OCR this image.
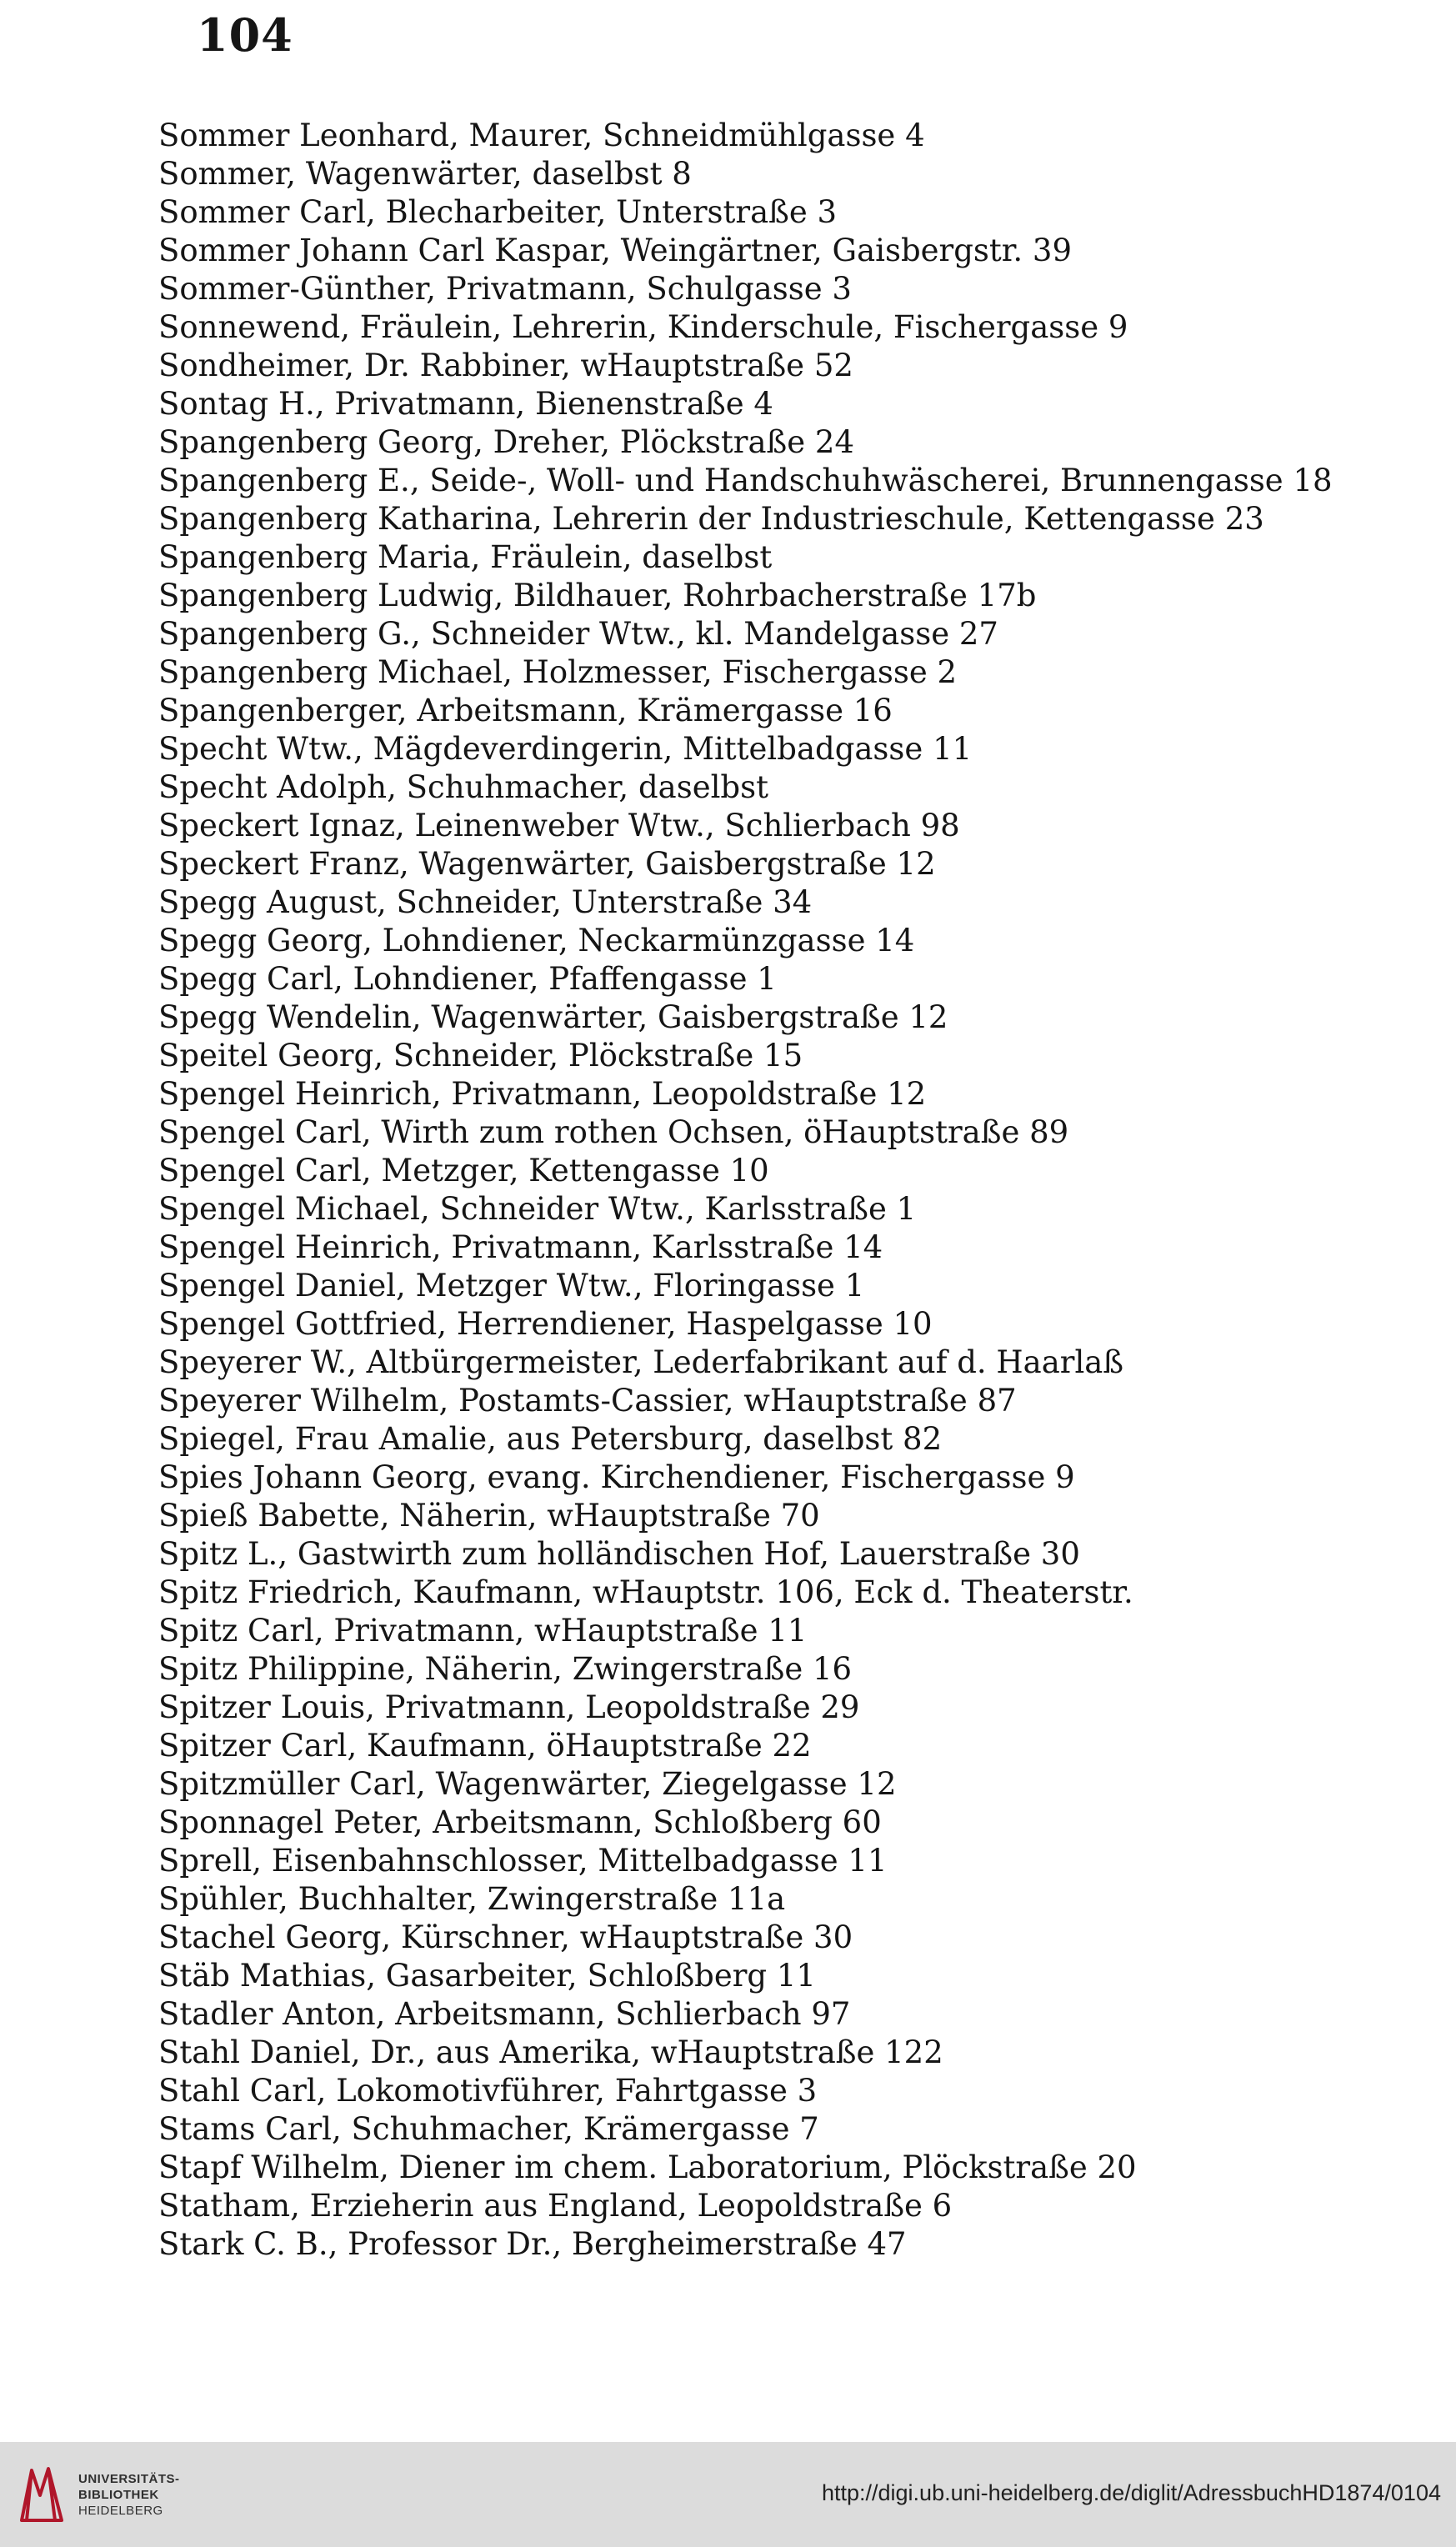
104
Sommer Leonhard, Maurer, Schneidmühlgasse 4
Sommer, Wagenwärter, daselbst 8
Sommer Carl, Blecharbeiter, Unterstraße 3
Sommer Johann Carl Kaspar, Weingärtner, Gaisbergstr. 39
Sommer-Günther, Privatmann, Schulgasse 3
Sonnewend, Fräulein, Lehrerin, Kinderschule, Fischergasse 9
Sondheimer, Dr. Rabbiner, wHauptstraße 52
Sontag H., Privatmann, Bienenstraße 4
Spangenberg Georg, Dreher, Plöckstraße 24
Spangenberg E., Seide-, Woll- und Handschuhwäscherei, Brunnengasse 18
Spangenberg Katharina, Lehrerin der Industrieschule, Kettengasse 23
Spangenberg Maria, Fräulein, daselbst
Spangenberg Ludwig, Bildhauer, Rohrbacherstraße 17b
Spangenberg G., Schneider Wtw., kl. Mandelgasse 27
Spangenberg Michael, Holzmesser, Fischergasse 2
Spangenberger, Arbeitsmann, Krämergasse 16
Specht Wtw., Mägdeverdingerin, Mittelbadgasse 11
Specht Adolph, Schuhmacher, daselbst
Speckert Ignaz, Leinenweber Wtw., Schlierbach 98
Speckert Franz, Wagenwärter, Gaisbergstraße 12
Spegg August, Schneider, Unterstraße 34
Spegg Georg, Lohndiener, Neckarmünzgasse 14
Spegg Carl, Lohndiener, Pfaffengasse 1
Spegg Wendelin, Wagenwärter, Gaisbergstraße 12
Speitel Georg, Schneider, Plöckstraße 15
Spengel Heinrich, Privatmann, Leopoldstraße 12
Spengel Carl, Wirth zum rothen Ochsen, öHauptstraße 89
Spengel Carl, Metzger, Kettengasse 10
Spengel Michael, Schneider Wtw., Karlsstraße 1
Spengel Heinrich, Privatmann, Karlsstraße 14
Spengel Daniel, Metzger Wtw., Floringasse 1
Spengel Gottfried, Herrendiener, Haspelgasse 10
Speyerer W., Altbürgermeister, Lederfabrikant auf d. Haarlaß
Speyerer Wilhelm, Postamts-Cassier, wHauptstraße 87
Spiegel, Frau Amalie, aus Petersburg, daselbst 82
Spies Johann Georg, evang. Kirchendiener, Fischergasse 9
Spieß Babette, Näherin, wHauptstraße 70
Spitz L., Gastwirth zum holländischen Hof, Lauerstraße 30
Spitz Friedrich, Kaufmann, wHauptstr. 106, Eck d. Theaterstr.
Spitz Carl, Privatmann, wHauptstraße 11
Spitz Philippine, Näherin, Zwingerstraße 16
Spitzer Louis, Privatmann, Leopoldstraße 29
Spitzer Carl, Kaufmann, öHauptstraße 22
Spitzmüller Carl, Wagenwärter, Ziegelgasse 12
Sponnagel Peter, Arbeitsmann, Schloßberg 60
Sprell, Eisenbahnschlosser, Mittelbadgasse 11
Spühler, Buchhalter, Zwingerstraße 11a
Stachel Georg, Kürschner, wHauptstraße 30
Stäb Mathias, Gasarbeiter, Schloßberg 11
Stadler Anton, Arbeitsmann, Schlierbach 97
Stahl Daniel, Dr., aus Amerika, wHauptstraße 122
Stahl Carl, Lokomotivführer, Fahrtgasse 3
Stams Carl, Schuhmacher, Krämergasse 7
Stapf Wilhelm, Diener im chem. Laboratorium, Plöckstraße 20
Statham, Erzieherin aus England, Leopoldstraße 6
Stark C. B., Professor Dr., Bergheimerstraße 47
UNIVERSITÄTS-
BIBLIOTHEK
HEIDELBERG
http://digi.ub.uni-heidelberg.de/diglit/AdressbuchHD1874/0104
